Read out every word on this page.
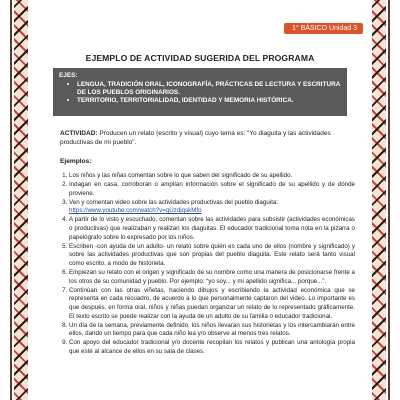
1° BÁSICO Unidad 3
EJEMPLO DE ACTIVIDAD SUGERIDA DEL PROGRAMA
EJES:
• LENGUA, TRADICIÓN ORAL, ICONOGRAFÍA, PRÁCTICAS DE LECTURA Y ESCRITURA DE LOS PUEBLOS ORIGINARIOS.
• TERRITORIO, TERRITORIALIDAD, IDENTIDAD Y MEMORIA HISTÓRICA.
ACTIVIDAD: Producen un relato (escrito y visual) cuyo tema es: “Yo diaguita y las actividades productivas de mi pueblo”.
Ejemplos:
1. Los niños y las niñas comentan sobre lo que saben del significado de su apellido.
2. Indagan en casa, corroboran o amplían información sobre el significado de su apellido y de dónde proviene.
3. Ven y comentan video sobre las actividades productivas del pueblo diaguita:
https://www.youtube.com/watch?v=qUzdjqskMfo
4. A partir de lo visto y escuchado, comentan sobre las actividades para subsistir (actividades económicas o productivas) que realizaban y realizan los diaguitas. El educador tradicional toma nota en la pizarra o papelógrafo sobre lo expresado por los niños.
5. Escriben -con ayuda de un adulto- un relato sobre quién es cada uno de ellos (nombre y significado) y sobre las actividades productivas que son propias del pueblo diaguita. Este relato será tanto visual como escrito, a modo de historieta.
6. Empiezan su relato con el origen y significado de su nombre como una manera de posicionarse frente a los otros de su comunidad y pueblo. Por ejemplo: “yo soy... y mi apellido significa... porque...”.
7. Continúan con las otras viñetas, haciendo dibujos y escribiendo la actividad económica que se representa en cada recuadro, de acuerdo a lo que personalmente captaron del video. Lo importante es que después, en forma oral, niños y niñas puedan organizar un relato de lo representado gráficamente. El texto escrito se puede realizar con la ayuda de un adulto de su familia o educador tradicional.
8. Un día de la semana, previamente definido, los niños llevarán sus historietas y los intercambiarán entre ellos, dando un tiempo para que cada niño lea y/o observe al menos tres relatos.
9. Con apoyo del educador tradicional y/o docente recopilan los relatos y publican una antología propia que esté al alcance de ellos en su sala de clases.
